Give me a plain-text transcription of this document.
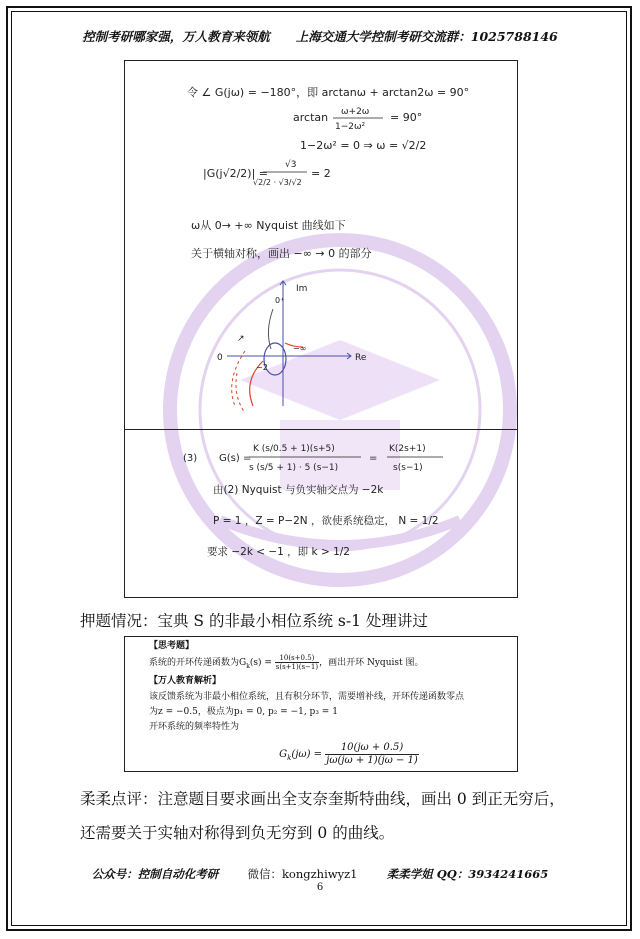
控制考研哪家强，万人教育来领航 上海交通大学控制考研交流群：1025788146
令 ∠ G(jω) = −180°，即 arctanω + arctan2ω = 90°
arctan ω+2ω
1−2ω²
= 90°
1−2ω² = 0 ⇒ ω = √2/2
|G(j√2/2)| =
√3
√2/2 · √3/√2
= 2
ω从 0→ +∞ Nyquist 曲线如下
关于横轴对称，画出 −∞ → 0 的部分
Im
Re
0
0⁺
−2
−∞
↗
(3) G(s) =
K (s/0.5 + 1)(s+5)
s (s/5 + 1) · 5 (s−1)
=
K(2s+1)
s(s−1)
由(2) Nyquist 与负实轴交点为 −2k
P = 1 ，Z = P−2N ，欲使系统稳定， N = 1/2
要求 −2k < −1 ，即 k > 1/2
押题情况：宝典 S 的非最小相位系统 s-1 处理讲过
【思考题】
系统的开环传递函数为$G_k(s) = \frac{10(s+0.5)}{s(s+1)(s-1)}$ ，画出开环 Nyquist 图。
【万人教育解析】
该反馈系统为非最小相位系统，且有积分环节，需要增补线，开环传递函数零点
为z = −0.5，极点为p₁ = 0, p₂ = −1, p₃ = 1
开环系统的频率特性为
$G_k(j\omega) = \frac{10(j\omega + 0.5)}{j\omega(j\omega + 1)(j\omega - 1)}$
柔柔点评：注意题目要求画出全支奈奎斯特曲线，画出 0 到正无穷后，还需要关于实轴对称得到负无穷到 0 的曲线。
公众号：控制自动化考研	微信：kongzhiwyz1	柔柔学姐 QQ：3934241665
6
